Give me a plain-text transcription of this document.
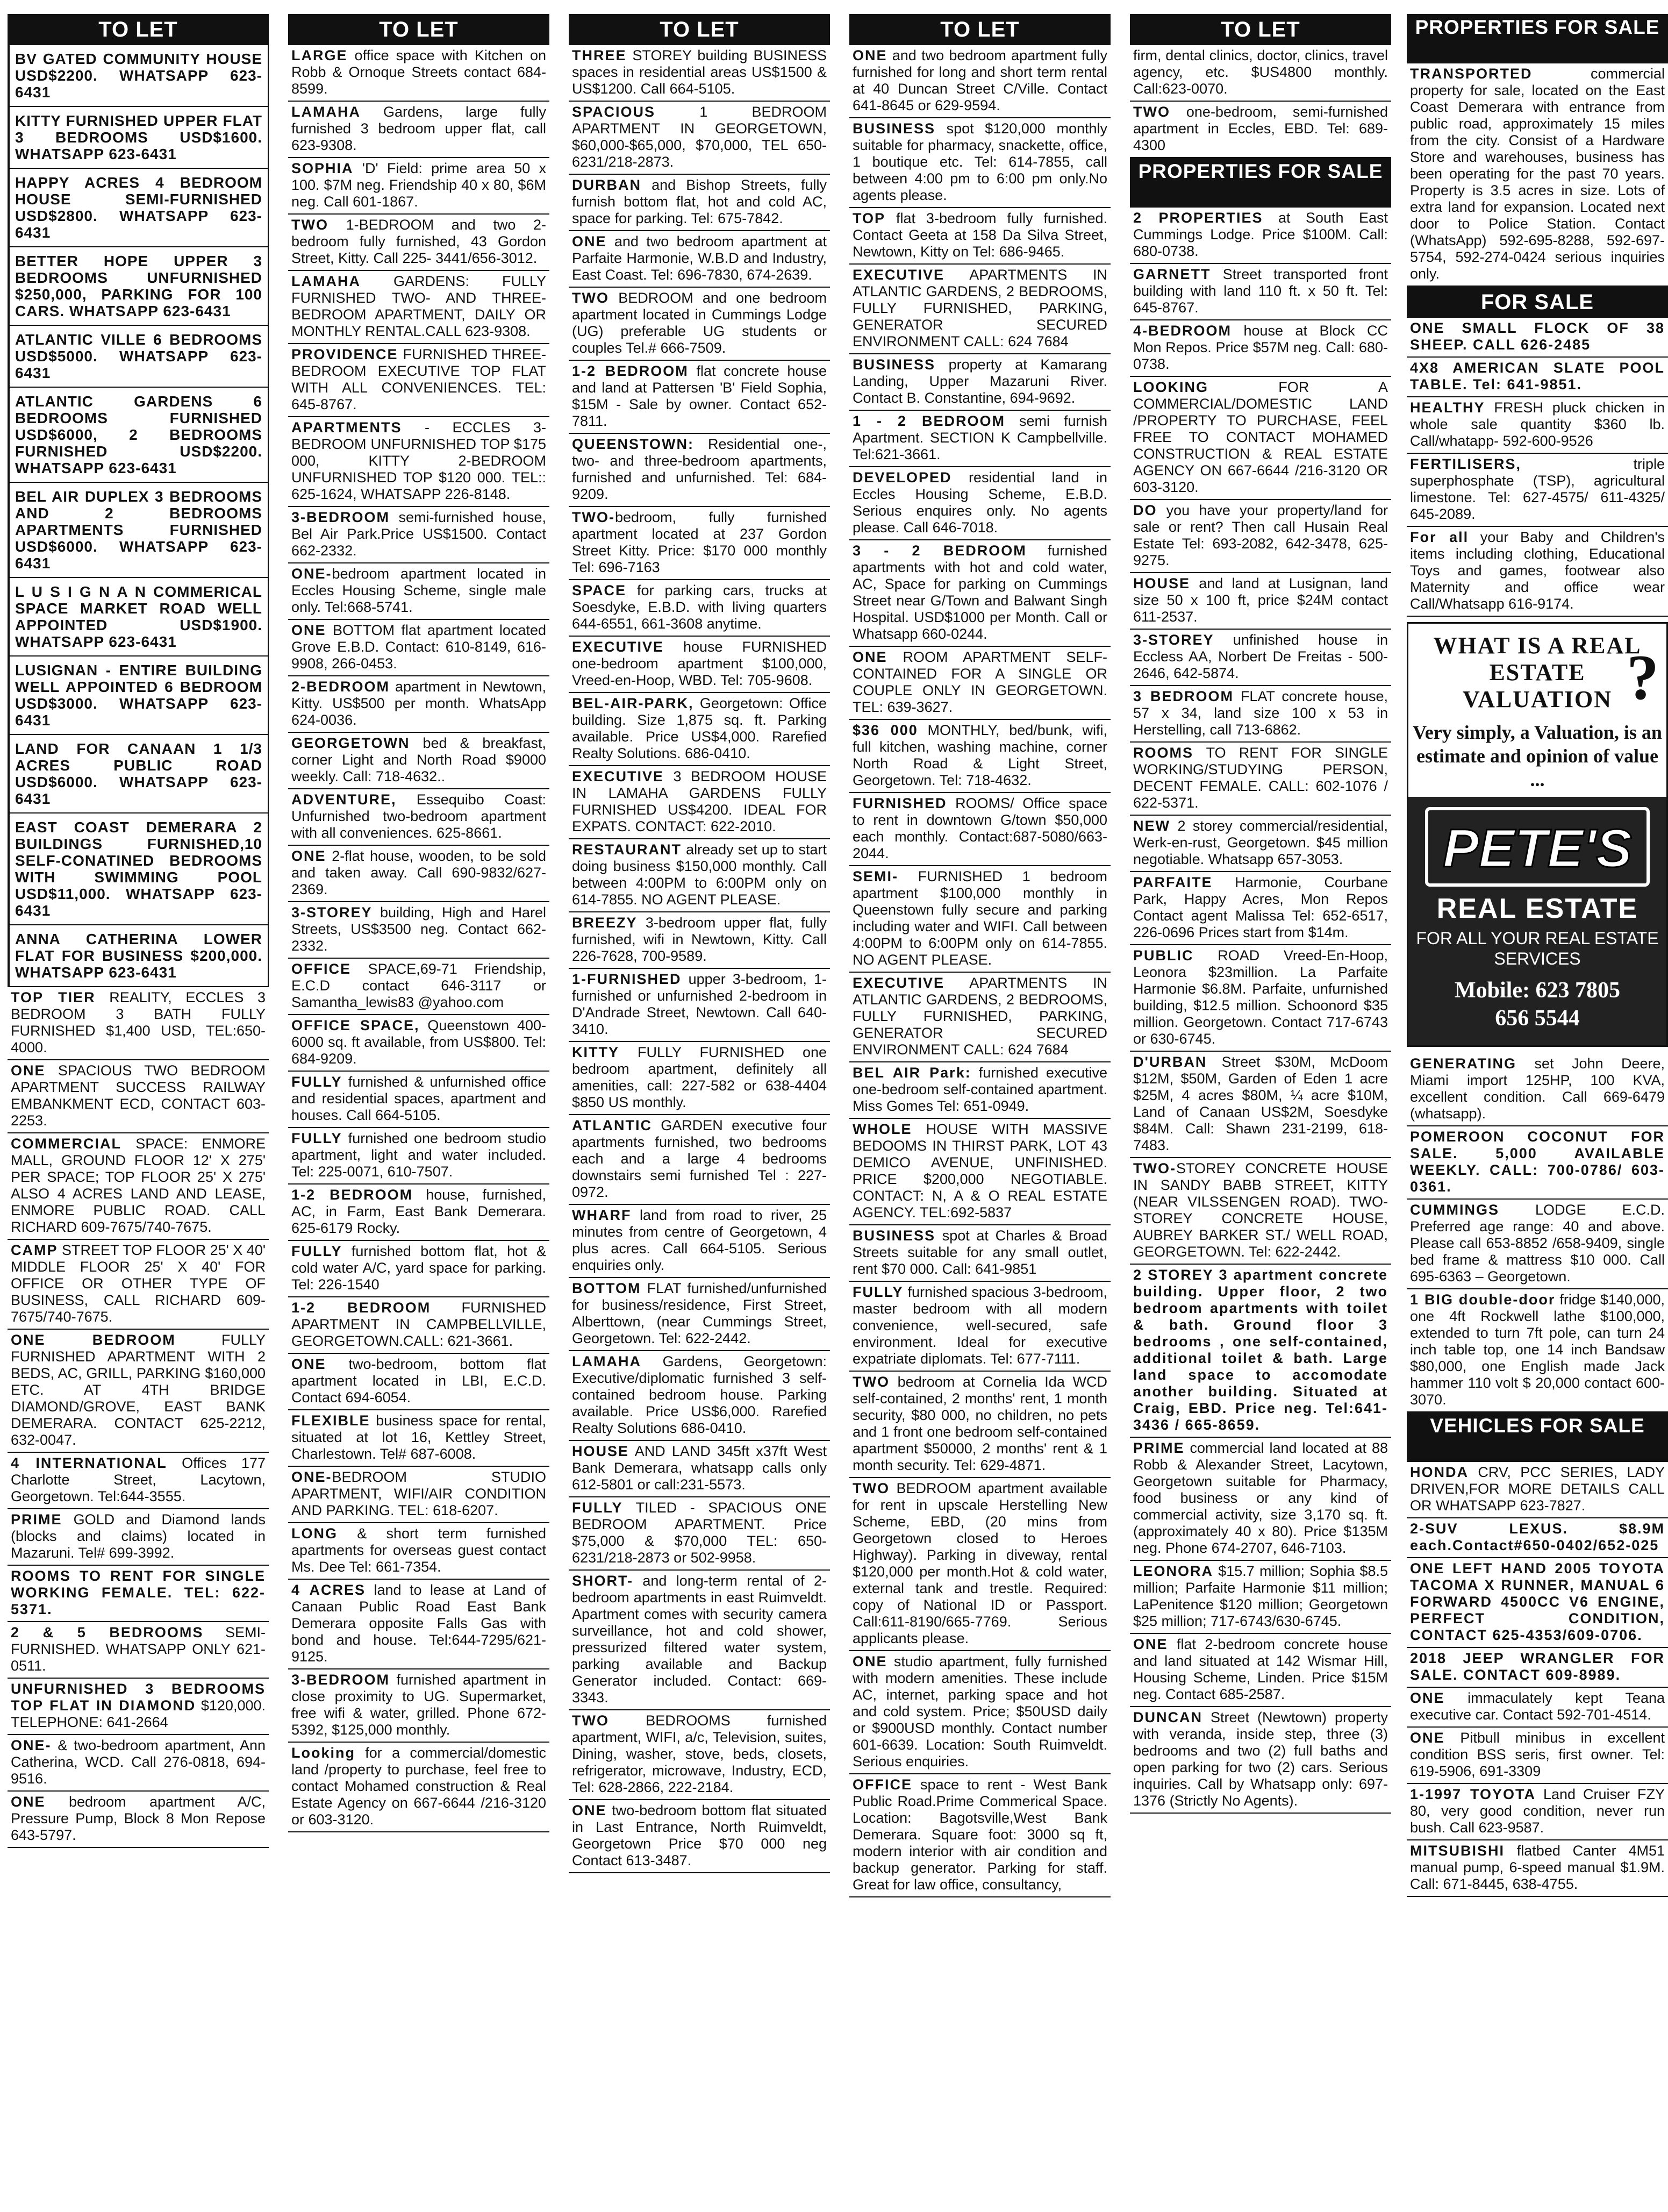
TO LET
BV GATED COMMUNITY HOUSE USD$2200. WHATSAPP 623-6431
KITTY FURNISHED UPPER FLAT 3 BEDROOMS USD$1600. WHATSAPP 623-6431
HAPPY ACRES 4 BEDROOM HOUSE SEMI-FURNISHED USD$2800. WHATSAPP 623-6431
BETTER HOPE UPPER 3 BEDROOMS UNFURNISHED $250,000, PARKING FOR 100 CARS. WHATSAPP 623-6431
ATLANTIC VILLE 6 BEDROOMS USD$5000. WHATSAPP 623-6431
ATLANTIC GARDENS 6 BEDROOMS FURNISHED USD$6000, 2 BEDROOMS FURNISHED USD$2200. WHATSAPP 623-6431
BEL AIR DUPLEX 3 BEDROOMS AND 2 BEDROOMS APARTMENTS FURNISHED USD$6000. WHATSAPP 623-6431
L U S I G N A N COMMERICAL SPACE MARKET ROAD WELL APPOINTED USD$1900. WHATSAPP 623-6431
LUSIGNAN - ENTIRE BUILDING WELL APPOINTED 6 BEDROOM USD$3000. WHATSAPP 623-6431
LAND FOR CANAAN 1 1/3 ACRES PUBLIC ROAD USD$6000. WHATSAPP 623-6431
EAST COAST DEMERARA 2 BUILDINGS FURNISHED,10 SELF-CONATINED BEDROOMS WITH SWIMMING POOL USD$11,000. WHATSAPP 623-6431
ANNA CATHERINA LOWER FLAT FOR BUSINESS $200,000. WHATSAPP 623-6431
TOP TIER REALITY, ECCLES 3 BEDROOM 3 BATH FULLY FURNISHED $1,400 USD, TEL:650-4000.
ONE SPACIOUS TWO BEDROOM APARTMENT SUCCESS RAILWAY EMBANKMENT ECD, CONTACT 603-2253.
COMMERCIAL SPACE: ENMORE MALL, GROUND FLOOR 12' X 275' PER SPACE; TOP FLOOR 25' X 275' ALSO 4 ACRES LAND AND LEASE, ENMORE PUBLIC ROAD. CALL RICHARD 609-7675/740-7675.
CAMP STREET TOP FLOOR 25' X 40' MIDDLE FLOOR 25' X 40' FOR OFFICE OR OTHER TYPE OF BUSINESS, CALL RICHARD 609-7675/740-7675.
ONE BEDROOM FULLY FURNISHED APARTMENT WITH 2 BEDS, AC, GRILL, PARKING $160,000 ETC. AT 4TH BRIDGE DIAMOND/GROVE, EAST BANK DEMERARA. CONTACT 625-2212, 632-0047.
4 INTERNATIONAL Offices 177 Charlotte Street, Lacytown, Georgetown. Tel:644-3555.
PRIME GOLD and Diamond lands (blocks and claims) located in Mazaruni. Tel# 699-3992.
ROOMS TO RENT FOR SINGLE WORKING FEMALE. TEL: 622-5371.
2 & 5 BEDROOMS SEMI-FURNISHED. WHATSAPP ONLY 621-0511.
UNFURNISHED 3 BEDROOMS TOP FLAT IN DIAMOND $120,000. TELEPHONE: 641-2664
ONE- & two-bedroom apartment, Ann Catherina, WCD. Call 276-0818, 694-9516.
ONE bedroom apartment A/C, Pressure Pump, Block 8 Mon Repose 643-5797.
TO LET
LARGE office space with Kitchen on Robb & Ornoque Streets contact 684-8599.
LAMAHA Gardens, large fully furnished 3 bedroom upper flat, call 623-9308.
SOPHIA 'D' Field: prime area 50 x 100. $7M neg. Friendship 40 x 80, $6M neg. Call 601-1867.
TWO 1-BEDROOM and two 2-bedroom fully furnished, 43 Gordon Street, Kitty. Call 225- 3441/656-3012.
LAMAHA GARDENS: FULLY FURNISHED TWO- AND THREE-BEDROOM APARTMENT, DAILY OR MONTHLY RENTAL.CALL 623-9308.
PROVIDENCE FURNISHED THREE-BEDROOM EXECUTIVE TOP FLAT WITH ALL CONVENIENCES. TEL: 645-8767.
APARTMENTS - ECCLES 3-BEDROOM UNFURNISHED TOP $175 000, KITTY 2-BEDROOM UNFURNISHED TOP $120 000. TEL:: 625-1624, WHATSAPP 226-8148.
3-BEDROOM semi-furnished house, Bel Air Park.Price US$1500. Contact 662-2332.
ONE-bedroom apartment located in Eccles Housing Scheme, single male only. Tel:668-5741.
ONE BOTTOM flat apartment located Grove E.B.D. Contact: 610-8149, 616-9908, 266-0453.
2-BEDROOM apartment in Newtown, Kitty. US$500 per month. WhatsApp 624-0036.
GEORGETOWN bed & breakfast, corner Light and North Road $9000 weekly. Call: 718-4632..
ADVENTURE, Essequibo Coast: Unfurnished two-bedroom apartment with all conveniences. 625-8661.
ONE 2-flat house, wooden, to be sold and taken away. Call 690-9832/627-2369.
3-STOREY building, High and Harel Streets, US$3500 neg. Contact 662-2332.
OFFICE SPACE,69-71 Friendship, E.C.D contact 646-3117 or Samantha_lewis83 @yahoo.com
OFFICE SPACE, Queenstown 400-6000 sq. ft available, from US$800. Tel: 684-9209.
FULLY furnished & unfurnished office and residential spaces, apartment and houses. Call 664-5105.
FULLY furnished one bedroom studio apartment, light and water included. Tel: 225-0071, 610-7507.
1-2 BEDROOM house, furnished, AC, in Farm, East Bank Demerara. 625-6179 Rocky.
FULLY furnished bottom flat, hot & cold water A/C, yard space for parking. Tel: 226-1540
1-2 BEDROOM FURNISHED APARTMENT IN CAMPBELLVILLE, GEORGETOWN.CALL: 621-3661.
ONE two-bedroom, bottom flat apartment located in LBI, E.C.D. Contact 694-6054.
FLEXIBLE business space for rental, situated at lot 16, Kettley Street, Charlestown. Tel# 687-6008.
ONE-BEDROOM STUDIO APARTMENT, WIFI/AIR CONDITION AND PARKING. TEL: 618-6207.
LONG & short term furnished apartments for overseas guest contact Ms. Dee Tel: 661-7354.
4 ACRES land to lease at Land of Canaan Public Road East Bank Demerara opposite Falls Gas with bond and house. Tel:644-7295/621-9125.
3-BEDROOM furnished apartment in close proximity to UG. Supermarket, free wifi & water, grilled. Phone 672-5392, $125,000 monthly.
Looking for a commercial/domestic land /property to purchase, feel free to contact Mohamed construction & Real Estate Agency on 667-6644 /216-3120 or 603-3120.
TO LET
THREE STOREY building BUSINESS spaces in residential areas US$1500 & US$1200. Call 664-5105.
SPACIOUS 1 BEDROOM APARTMENT IN GEORGETOWN, $60,000-$65,000, $70,000, TEL 650-6231/218-2873.
DURBAN and Bishop Streets, fully furnish bottom flat, hot and cold AC, space for parking. Tel: 675-7842.
ONE and two bedroom apartment at Parfaite Harmonie, W.B.D and Industry, East Coast. Tel: 696-7830, 674-2639.
TWO BEDROOM and one bedroom apartment located in Cummings Lodge (UG) preferable UG students or couples Tel.# 666-7509.
1-2 BEDROOM flat concrete house and land at Pattersen 'B' Field Sophia, $15M - Sale by owner. Contact 652-7811.
QUEENSTOWN: Residential one-, two- and three-bedroom apartments, furnished and unfurnished. Tel: 684-9209.
TWO-bedroom, fully furnished apartment located at 237 Gordon Street Kitty. Price: $170 000 monthly Tel: 696-7163
SPACE for parking cars, trucks at Soesdyke, E.B.D. with living quarters 644-6551, 661-3608 anytime.
EXECUTIVE house FURNISHED one-bedroom apartment $100,000, Vreed-en-Hoop, WBD. Tel: 705-9608.
BEL-AIR-PARK, Georgetown: Office building. Size 1,875 sq. ft. Parking available. Price US$4,000. Rarefied Realty Solutions. 686-0410.
EXECUTIVE 3 BEDROOM HOUSE IN LAMAHA GARDENS FULLY FURNISHED US$4200. IDEAL FOR EXPATS. CONTACT: 622-2010.
RESTAURANT already set up to start doing business $150,000 monthly. Call between 4:00PM to 6:00PM only on 614-7855. NO AGENT PLEASE.
BREEZY 3-bedroom upper flat, fully furnished, wifi in Newtown, Kitty. Call 226-7628, 700-9589.
1-FURNISHED upper 3-bedroom, 1-furnished or unfurnished 2-bedroom in D'Andrade Street, Newtown. Call 640-3410.
KITTY FULLY FURNISHED one bedroom apartment, definitely all amenities, call: 227-582 or 638-4404 $850 US monthly.
ATLANTIC GARDEN executive four apartments furnished, two bedrooms each and a large 4 bedrooms downstairs semi furnished Tel : 227-0972.
WHARF land from road to river, 25 minutes from centre of Georgetown, 4 plus acres. Call 664-5105. Serious enquiries only.
BOTTOM FLAT furnished/unfurnished for business/residence, First Street, Alberttown, (near Cummings Street, Georgetown. Tel: 622-2442.
LAMAHA Gardens, Georgetown: Executive/diplomatic furnished 3 self-contained bedroom house. Parking available. Price US$6,000. Rarefied Realty Solutions 686-0410.
HOUSE AND LAND 345ft x37ft West Bank Demerara, whatsapp calls only 612-5801 or call:231-5573.
FULLY TILED - SPACIOUS ONE BEDROOM APARTMENT. Price $75,000 & $70,000 TEL: 650-6231/218-2873 or 502-9958.
SHORT- and long-term rental of 2-bedroom apartments in east Ruimveldt. Apartment comes with security camera surveillance, hot and cold shower, pressurized filtered water system, parking available and Backup Generator included. Contact: 669-3343.
TWO BEDROOMS furnished apartment, WIFI, a/c, Television, suites, Dining, washer, stove, beds, closets, refrigerator, microwave, Industry, ECD, Tel: 628-2866, 222-2184.
ONE two-bedroom bottom flat situated in Last Entrance, North Ruimveldt, Georgetown Price $70 000 neg Contact 613-3487.
TO LET
ONE and two bedroom apartment fully furnished for long and short term rental at 40 Duncan Street C/Ville. Contact 641-8645 or 629-9594.
BUSINESS spot $120,000 monthly suitable for pharmacy, snackette, office, 1 boutique etc. Tel: 614-7855, call between 4:00 pm to 6:00 pm only.No agents please.
TOP flat 3-bedroom fully furnished. Contact Geeta at 158 Da Silva Street, Newtown, Kitty on Tel: 686-9465.
EXECUTIVE APARTMENTS IN ATLANTIC GARDENS, 2 BEDROOMS, FULLY FURNISHED, PARKING, GENERATOR SECURED ENVIRONMENT CALL: 624 7684
BUSINESS property at Kamarang Landing, Upper Mazaruni River. Contact B. Constantine, 694-9692.
1 - 2 BEDROOM semi furnish Apartment. SECTION K Campbellville. Tel:621-3661.
DEVELOPED residential land in Eccles Housing Scheme, E.B.D. Serious enquires only. No agents please. Call 646-7018.
3 - 2 BEDROOM furnished apartments with hot and cold water, AC, Space for parking on Cummings Street near G/Town and Balwant Singh Hospital. USD$1000 per Month. Call or Whatsapp 660-0244.
ONE ROOM APARTMENT SELF-CONTAINED FOR A SINGLE OR COUPLE ONLY IN GEORGETOWN. TEL: 639-3627.
$36 000 MONTHLY, bed/bunk, wifi, full kitchen, washing machine, corner North Road & Light Street, Georgetown. Tel: 718-4632.
FURNISHED ROOMS/ Office space to rent in downtown G/town $50,000 each monthly. Contact:687-5080/663-2044.
SEMI- FURNISHED 1 bedroom apartment $100,000 monthly in Queenstown fully secure and parking including water and WIFI. Call between 4:00PM to 6:00PM only on 614-7855. NO AGENT PLEASE.
EXECUTIVE APARTMENTS IN ATLANTIC GARDENS, 2 BEDROOMS, FULLY FURNISHED, PARKING, GENERATOR SECURED ENVIRONMENT CALL: 624 7684
BEL AIR Park: furnished executive one-bedroom self-contained apartment. Miss Gomes Tel: 651-0949.
WHOLE HOUSE WITH MASSIVE BEDOOMS IN THIRST PARK, LOT 43 DEMICO AVENUE, UNFINISHED. PRICE $200,000 NEGOTIABLE. CONTACT: N, A & O REAL ESTATE AGENCY. TEL:692-5837
BUSINESS spot at Charles & Broad Streets suitable for any small outlet, rent $70 000. Call: 641-9851
FULLY furnished spacious 3-bedroom, master bedroom with all modern convenience, well-secured, safe environment. Ideal for executive expatriate diplomats. Tel: 677-7111.
TWO bedroom at Cornelia Ida WCD self-contained, 2 months' rent, 1 month security, $80 000, no children, no pets and 1 front one bedroom self-contained apartment $50000, 2 months' rent & 1 month security. Tel: 629-4871.
TWO BEDROOM apartment available for rent in upscale Herstelling New Scheme, EBD, (20 mins from Georgetown closed to Heroes Highway). Parking in diveway, rental $120,000 per month.Hot & cold water, external tank and trestle. Required: copy of National ID or Passport. Call:611-8190/665-7769. Serious applicants please.
ONE studio apartment, fully furnished with modern amenities. These include AC, internet, parking space and hot and cold system. Price; $50USD daily or $900USD monthly. Contact number 601-6639. Location: South Ruimveldt. Serious enquiries.
OFFICE space to rent - West Bank Public Road.Prime Commerical Space. Location: Bagotsville,West Bank Demerara. Square foot: 3000 sq ft, modern interior with air condition and backup generator. Parking for staff. Great for law office, consultancy,
TO LET
firm, dental clinics, doctor, clinics, travel agency, etc. $US4800 monthly. Call:623-0070.
TWO one-bedroom, semi-furnished apartment in Eccles, EBD. Tel: 689-4300
PROPERTIES FOR SALE
2 PROPERTIES at South East Cummings Lodge. Price $100M. Call: 680-0738.
GARNETT Street transported front building with land 110 ft. x 50 ft. Tel: 645-8767.
4-BEDROOM house at Block CC Mon Repos. Price $57M neg. Call: 680-0738.
LOOKING FOR A COMMERCIAL/DOMESTIC LAND /PROPERTY TO PURCHASE, FEEL FREE TO CONTACT MOHAMED CONSTRUCTION & REAL ESTATE AGENCY ON 667-6644 /216-3120 OR 603-3120.
DO you have your property/land for sale or rent? Then call Husain Real Estate Tel: 693-2082, 642-3478, 625-9275.
HOUSE and land at Lusignan, land size 50 x 100 ft, price $24M contact 611-2537.
3-STOREY unfinished house in Eccless AA, Norbert De Freitas - 500-2646, 642-5874.
3 BEDROOM FLAT concrete house, 57 x 34, land size 100 x 53 in Herstelling, call 713-6862.
ROOMS TO RENT FOR SINGLE WORKING/STUDYING PERSON, DECENT FEMALE. CALL: 602-1076 / 622-5371.
NEW 2 storey commercial/residential, Werk-en-rust, Georgetown. $45 million negotiable. Whatsapp 657-3053.
PARFAITE Harmonie, Courbane Park, Happy Acres, Mon Repos Contact agent Malissa Tel: 652-6517, 226-0696 Prices start from $14m.
PUBLIC ROAD Vreed-En-Hoop, Leonora $23million. La Parfaite Harmonie $6.8M. Parfaite, unfurnished building, $12.5 million. Schoonord $35 million. Georgetown. Contact 717-6743 or 630-6745.
D'URBAN Street $30M, McDoom $12M, $50M, Garden of Eden 1 acre $25M, 4 acres $80M, ¼ acre $10M, Land of Canaan US$2M, Soesdyke $84M. Call: Shawn 231-2199, 618-7483.
TWO-STOREY CONCRETE HOUSE IN SANDY BABB STREET, KITTY (NEAR VILSSENGEN ROAD). TWO-STOREY CONCRETE HOUSE, AUBREY BARKER ST./ WELL ROAD, GEORGETOWN. Tel: 622-2442.
2 STOREY 3 apartment concrete building. Upper floor, 2 two bedroom apartments with toilet & bath. Ground floor 3 bedrooms , one self-contained, additional toilet & bath. Large land space to accomodate another building. Situated at Craig, EBD. Price neg. Tel:641-3436 / 665-8659.
PRIME commercial land located at 88 Robb & Alexander Street, Lacytown, Georgetown suitable for Pharmacy, food business or any kind of commercial activity, size 3,170 sq. ft. (approximately 40 x 80). Price $135M neg. Phone 674-2707, 646-7103.
LEONORA $15.7 million; Sophia $8.5 million; Parfaite Harmonie $11 million; LaPenitence $120 million; Georgetown $25 million; 717-6743/630-6745.
ONE flat 2-bedroom concrete house and land situated at 142 Wismar Hill, Housing Scheme, Linden. Price $15M neg. Contact 685-2587.
DUNCAN Street (Newtown) property with veranda, inside step, three (3) bedrooms and two (2) full baths and open parking for two (2) cars. Serious inquiries. Call by Whatsapp only: 697-1376 (Strictly No Agents).
PROPERTIES FOR SALE
TRANSPORTED commercial property for sale, located on the East Coast Demerara with entrance from public road, approximately 15 miles from the city. Consist of a Hardware Store and warehouses, business has been operating for the past 70 years. Property is 3.5 acres in size. Lots of extra land for expansion. Located next door to Police Station. Contact (WhatsApp) 592-695-8288, 592-697-5754, 592-274-0424 serious inquiries only.
FOR SALE
ONE SMALL FLOCK OF 38 SHEEP. CALL 626-2485
4X8 AMERICAN SLATE POOL TABLE. Tel: 641-9851.
HEALTHY FRESH pluck chicken in whole sale quantity $360 lb. Call/whatapp- 592-600-9526
FERTILISERS, triple superphosphate (TSP), agricultural limestone. Tel: 627-4575/ 611-4325/ 645-2089.
For all your Baby and Children's items including clothing, Educational Toys and games, footwear also Maternity and office wear Call/Whatsapp 616-9174.
WHAT IS A REAL ESTATE VALUATION ?
Very simply, a Valuation, is an estimate and opinion of value ...
PETE'S
REAL ESTATE
FOR ALL YOUR REAL ESTATE SERVICES
Mobile: 623 7805
656 5544
GENERATING set John Deere, Miami import 125HP, 100 KVA, excellent condition. Call 669-6479 (whatsapp).
POMEROON COCONUT FOR SALE. 5,000 AVAILABLE WEEKLY. CALL: 700-0786/ 603-0361.
CUMMINGS LODGE E.C.D. Preferred age range: 40 and above. Please call 653-8852 /658-9409, single bed frame & mattress $10 000. Call 695-6363 – Georgetown.
1 BIG double-door fridge $140,000, one 4ft Rockwell lathe $100,000, extended to turn 7ft pole, can turn 24 inch table top, one 14 inch Bandsaw $80,000, one English made Jack hammer 110 volt $ 20,000 contact 600-3070.
VEHICLES FOR SALE
HONDA CRV, PCC SERIES, LADY DRIVEN,FOR MORE DETAILS CALL OR WHATSAPP 623-7827.
2-SUV LEXUS. $8.9M each.Contact#650-0402/652-025
ONE LEFT HAND 2005 TOYOTA TACOMA X RUNNER, MANUAL 6 FORWARD 4500CC V6 ENGINE, PERFECT CONDITION, CONTACT 625-4353/609-0706.
2018 JEEP WRANGLER FOR SALE. CONTACT 609-8989.
ONE immaculately kept Teana executive car. Contact 592-701-4514.
ONE Pitbull minibus in excellent condition BSS seris, first owner. Tel: 619-5906, 691-3309
1-1997 TOYOTA Land Cruiser FZY 80, very good condition, never run bush. Call 623-9587.
MITSUBISHI flatbed Canter 4M51 manual pump, 6-speed manual $1.9M. Call: 671-8445, 638-4755.
